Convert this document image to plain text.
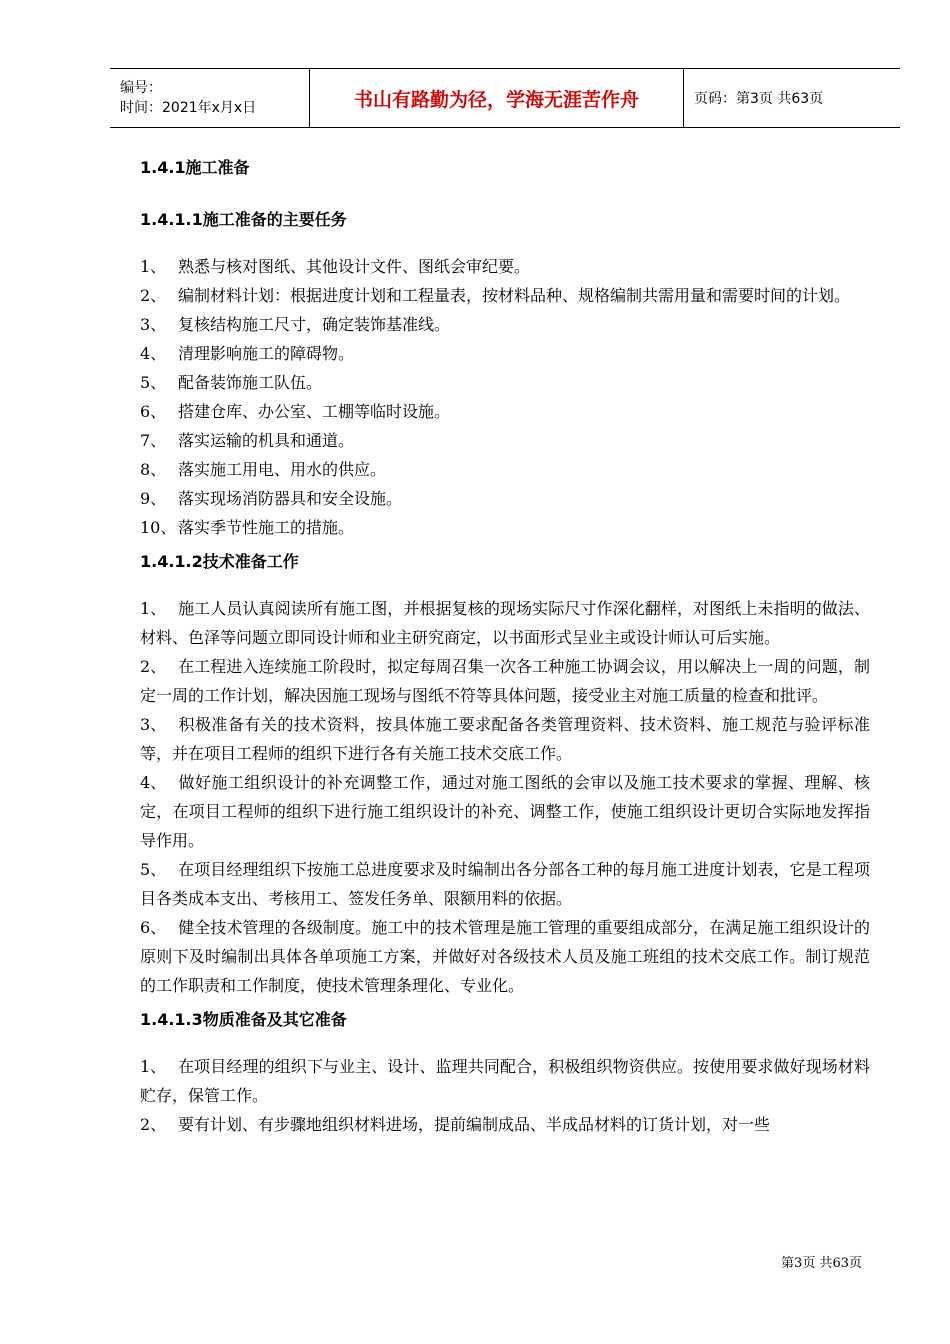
编号：
时间：2021年x月x日	书山有路勤为径，学海无涯苦作舟	页码：第3页 共63页

1.4.1施工准备

1.4.1.1施工准备的主要任务

1、 熟悉与核对图纸、其他设计文件、图纸会审纪要。

2、 编制材料计划：根据进度计划和工程量表，按材料品种、规格编制共需用量和需要时间的计划。

3、 复核结构施工尺寸，确定装饰基准线。

4、 清理影响施工的障碍物。

5、 配备装饰施工队伍。

6、 搭建仓库、办公室、工棚等临时设施。

7、 落实运输的机具和通道。

8、 落实施工用电、用水的供应。

9、 落实现场消防器具和安全设施。

10、 落实季节性施工的措施。

1.4.1.2技术准备工作

1、 施工人员认真阅读所有施工图，并根据复核的现场实际尺寸作深化翻样，对图纸上未指明的做法、材料、色泽等问题立即同设计师和业主研究商定，以书面形式呈业主或设计师认可后实施。

2、 在工程进入连续施工阶段时，拟定每周召集一次各工种施工协调会议，用以解决上一周的问题，制定一周的工作计划，解决因施工现场与图纸不符等具体问题，接受业主对施工质量的检查和批评。

3、 积极准备有关的技术资料，按具体施工要求配备各类管理资料、技术资料、施工规范与验评标准等，并在项目工程师的组织下进行各有关施工技术交底工作。

4、 做好施工组织设计的补充调整工作，通过对施工图纸的会审以及施工技术要求的掌握、理解、核定，在项目工程师的组织下进行施工组织设计的补充、调整工作，使施工组织设计更切合实际地发挥指导作用。

5、 在项目经理组织下按施工总进度要求及时编制出各分部各工种的每月施工进度计划表，它是工程项目各类成本支出、考核用工、签发任务单、限额用料的依据。

6、 健全技术管理的各级制度。施工中的技术管理是施工管理的重要组成部分，在满足施工组织设计的原则下及时编制出具体各单项施工方案，并做好对各级技术人员及施工班组的技术交底工作。制订规范的工作职责和工作制度，使技术管理条理化、专业化。

1.4.1.3物质准备及其它准备

1、 在项目经理的组织下与业主、设计、监理共同配合，积极组织物资供应。按使用要求做好现场材料贮存，保管工作。

2、 要有计划、有步骤地组织材料进场，提前编制成品、半成品材料的订货计划，对一些

第3页 共63页
